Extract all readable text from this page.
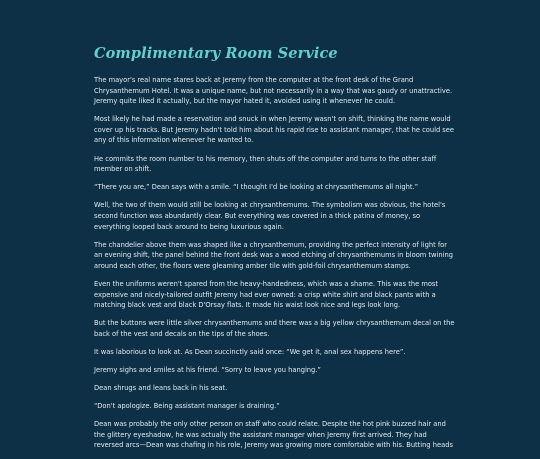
Complimentary Room Service

The mayor's real name stares back at Jeremy from the computer at the front desk of the Grand Chrysanthemum Hotel. It was a unique name, but not necessarily in a way that was gaudy or unattractive. Jeremy quite liked it actually, but the mayor hated it, avoided using it whenever he could.

Most likely he had made a reservation and snuck in when Jeremy wasn't on shift, thinking the name would cover up his tracks. But Jeremy hadn't told him about his rapid rise to assistant manager, that he could see any of this information whenever he wanted to.

He commits the room number to his memory, then shuts off the computer and turns to the other staff member on shift.

“There you are,” Dean says with a smile. “I thought I'd be looking at chrysanthemums all night.”

Well, the two of them would still be looking at chrysanthemums. The symbolism was obvious, the hotel's second function was abundantly clear. But everything was covered in a thick patina of money, so everything looped back around to being luxurious again.

The chandelier above them was shaped like a chrysanthemum, providing the perfect intensity of light for an evening shift, the panel behind the front desk was a wood etching of chrysanthemums in bloom twining around each other, the floors were gleaming amber tile with gold-foil chrysanthemum stamps.

Even the uniforms weren't spared from the heavy-handedness, which was a shame. This was the most expensive and nicely-tailored outfit Jeremy had ever owned: a crisp white shirt and black pants with a matching black vest and black D'Orsay flats. It made his waist look nice and legs look long.

But the buttons were little silver chrysanthemums and there was a big yellow chrysanthemum decal on the back of the vest and decals on the tips of the shoes.

It was laborious to look at. As Dean succinctly said once: “We get it, anal sex happens here”.

Jeremy sighs and smiles at his friend. “Sorry to leave you hanging.”

Dean shrugs and leans back in his seat.

“Don't apologize. Being assistant manager is draining.”

Dean was probably the only other person on staff who could relate. Despite the hot pink buzzed hair and the glittery eyeshadow, he was actually the assistant manager when Jeremy first arrived. They had reversed arcs—Dean was chafing in his role, Jeremy was growing more comfortable with his. Butting heads
